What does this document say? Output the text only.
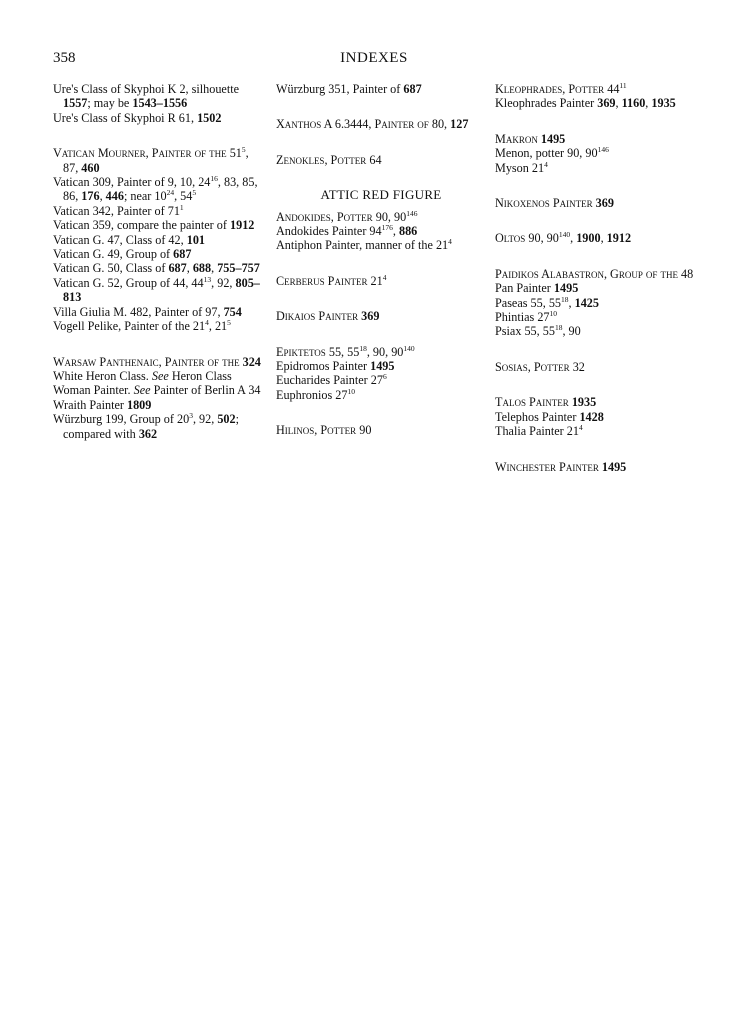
358	INDEXES
Ure's Class of Skyphoi K 2, silhouette 1557; may be 1543–1556
Ure's Class of Skyphoi R 61, 1502
Vatican Mourner, Painter of the $51^5$, 87, 460
Vatican 309, Painter of 9, 10, $24^{16}$, 83, 85, 86, 176, 446; near $10^{24}$, $54^5$
Vatican 342, Painter of $71^1$
Vatican 359, compare the painter of 1912
Vatican G. 47, Class of 42, 101
Vatican G. 49, Group of 687
Vatican G. 50, Class of 687, 688, 755–757
Vatican G. 52, Group of 44, $44^{13}$, 92, 805–813
Villa Giulia M. 482, Painter of 97, 754
Vogell Pelike, Painter of the $21^4$, $21^5$
Warsaw Panthenaic, Painter of the 324
White Heron Class. See Heron Class
Woman Painter. See Painter of Berlin A 34
Wraith Painter 1809
Würzburg 199, Group of $20^3$, 92, 502; compared with 362
Würzburg 351, Painter of 687
Xanthos A 6.3444, Painter of 80, 127
Zenokles, Potter 64
ATTIC RED FIGURE
Andokides, Potter 90, $90^{146}$
Andokides Painter $94^{176}$, 886
Antiphon Painter, manner of the $21^4$
Cerberus Painter $21^4$
Dikaios Painter 369
Epiktetos 55, $55^{18}$, 90, $90^{140}$
Epidromos Painter 1495
Eucharides Painter $27^6$
Euphronios $27^{10}$
Hilinos, Potter 90
Kleophrades, Potter $44^{11}$
Kleophrades Painter 369, 1160, 1935
Makron 1495
Menon, potter 90, $90^{146}$
Myson $21^4$
Nikoxenos Painter 369
Oltos 90, $90^{140}$, 1900, 1912
Paidikos Alabastron, Group of the 48
Pan Painter 1495
Paseas 55, $55^{18}$, 1425
Phintias $27^{10}$
Psiax 55, $55^{18}$, 90
Sosias, Potter 32
Talos Painter 1935
Telephos Painter 1428
Thalia Painter $21^4$
Winchester Painter 1495
